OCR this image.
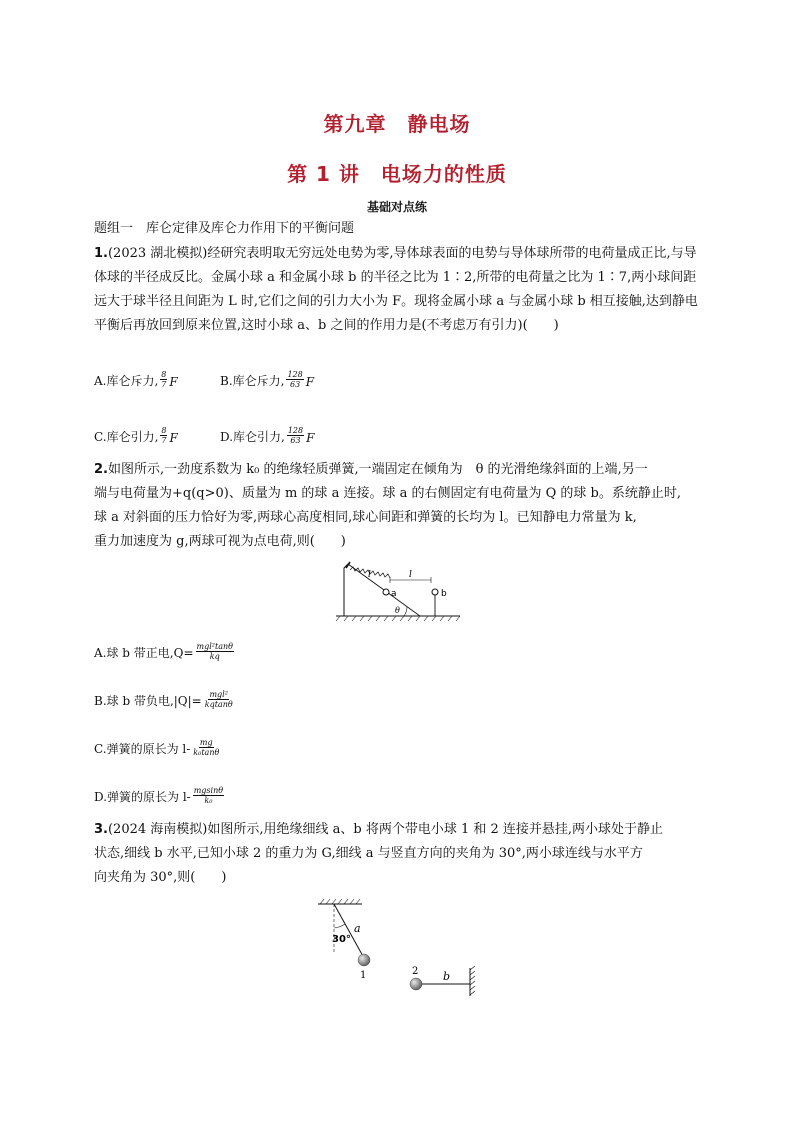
第九章　静电场
第 1 讲　电场力的性质
基础对点练
题组一　库仑定律及库仑力作用下的平衡问题
1.(2023 湖北模拟)经研究表明取无穷远处电势为零,导体球表面的电势与导体球所带的电荷量成正比,与导体球的半径成反比。金属小球 a 和金属小球 b 的半径之比为 1∶2,所带的电荷量之比为 1∶7,两小球间距远大于球半径且间距为 L 时,它们之间的引力大小为 F。现将金属小球 a 与金属小球 b 相互接触,达到静电平衡后再放回到原来位置,这时小球 a、b 之间的作用力是(不考虑万有引力)(　　)
A.库仑斥力, $\frac{8}{7}$ F	B.库仑斥力, $\frac{128}{63}$ F
C.库仑引力, $\frac{8}{7}$ F	D.库仑引力, $\frac{128}{63}$ F
2.如图所示,一劲度系数为 k₀ 的绝缘轻质弹簧,一端固定在倾角为　θ 的光滑绝缘斜面的上端,另一
端与电荷量为+q(q>0)、质量为 m 的球 a 连接。球 a 的右侧固定有电荷量为 Q 的球 b。系统静止时,
球 a 对斜面的压力恰好为零,两球心高度相同,球心间距和弹簧的长均为 l。已知静电力常量为 k,
重力加速度为 g,两球可视为点电荷,则(　　)
l	l
a	b
θ
A.球 b 带正电$,Q= \frac{\text{mgl²tanθ}}{kq}$
B.球 b 带负电$,|Q|= \frac{\text{mgl²}}{kqtan\theta}$
C.弹簧的原长为 $l- \frac{mg}{\text{k₀tanθ}}$
D.弹簧的原长为 $l- \frac{mgsin\theta}{\text{k₀}}$
3.(2024 海南模拟)如图所示,用绝缘细线 a、b 将两个带电小球 1 和 2 连接并悬挂,两小球处于静止
状态,细线 b 水平,已知小球 2 的重力为 G,细线 a 与竖直方向的夹角为 30°,两小球连线与水平方
向夹角为 30°,则(　　)
30°
a
1	2 b
